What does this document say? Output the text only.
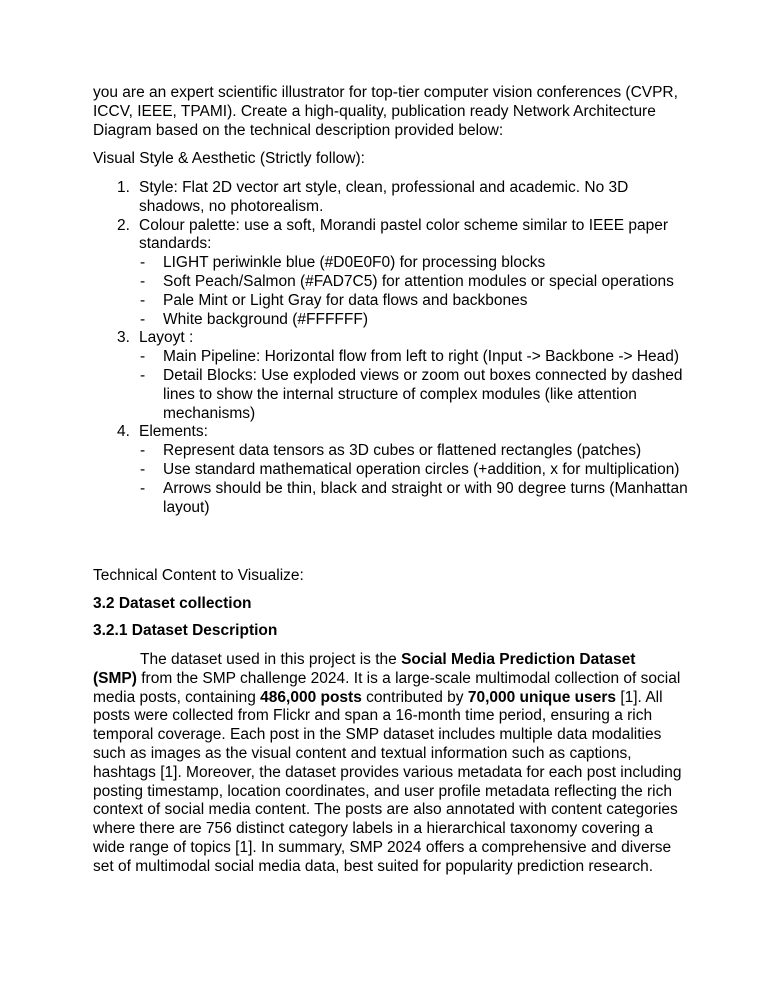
you are an expert scientific illustrator for top-tier computer vision conferences (CVPR, ICCV, IEEE, TPAMI). Create a high-quality, publication ready Network Architecture Diagram based on the technical description provided below:

Visual Style & Aesthetic (Strictly follow):

1. Style: Flat 2D vector art style, clean, professional and academic. No 3D shadows, no photorealism.
2. Colour palette: use a soft, Morandi pastel color scheme similar to IEEE paper standards:
- LIGHT periwinkle blue (#D0E0F0) for processing blocks
- Soft Peach/Salmon (#FAD7C5) for attention modules or special operations
- Pale Mint or Light Gray for data flows and backbones
- White background (#FFFFFF)
3. Layoyt :
- Main Pipeline: Horizontal flow from left to right (Input -> Backbone -> Head)
- Detail Blocks: Use exploded views or zoom out boxes connected by dashed lines to show the internal structure of complex modules (like attention mechanisms)
4. Elements:
- Represent data tensors as 3D cubes or flattened rectangles (patches)
- Use standard mathematical operation circles (+addition, x for multiplication)
- Arrows should be thin, black and straight or with 90 degree turns (Manhattan layout)

Technical Content to Visualize:

3.2 Dataset collection

3.2.1 Dataset Description

The dataset used in this project is the Social Media Prediction Dataset (SMP) from the SMP challenge 2024. It is a large-scale multimodal collection of social media posts, containing 486,000 posts contributed by 70,000 unique users [1]. All posts were collected from Flickr and span a 16-month time period, ensuring a rich temporal coverage. Each post in the SMP dataset includes multiple data modalities such as images as the visual content and textual information such as captions, hashtags [1]. Moreover, the dataset provides various metadata for each post including posting timestamp, location coordinates, and user profile metadata reflecting the rich context of social media content. The posts are also annotated with content categories where there are 756 distinct category labels in a hierarchical taxonomy covering a wide range of topics [1]. In summary, SMP 2024 offers a comprehensive and diverse set of multimodal social media data, best suited for popularity prediction research.
